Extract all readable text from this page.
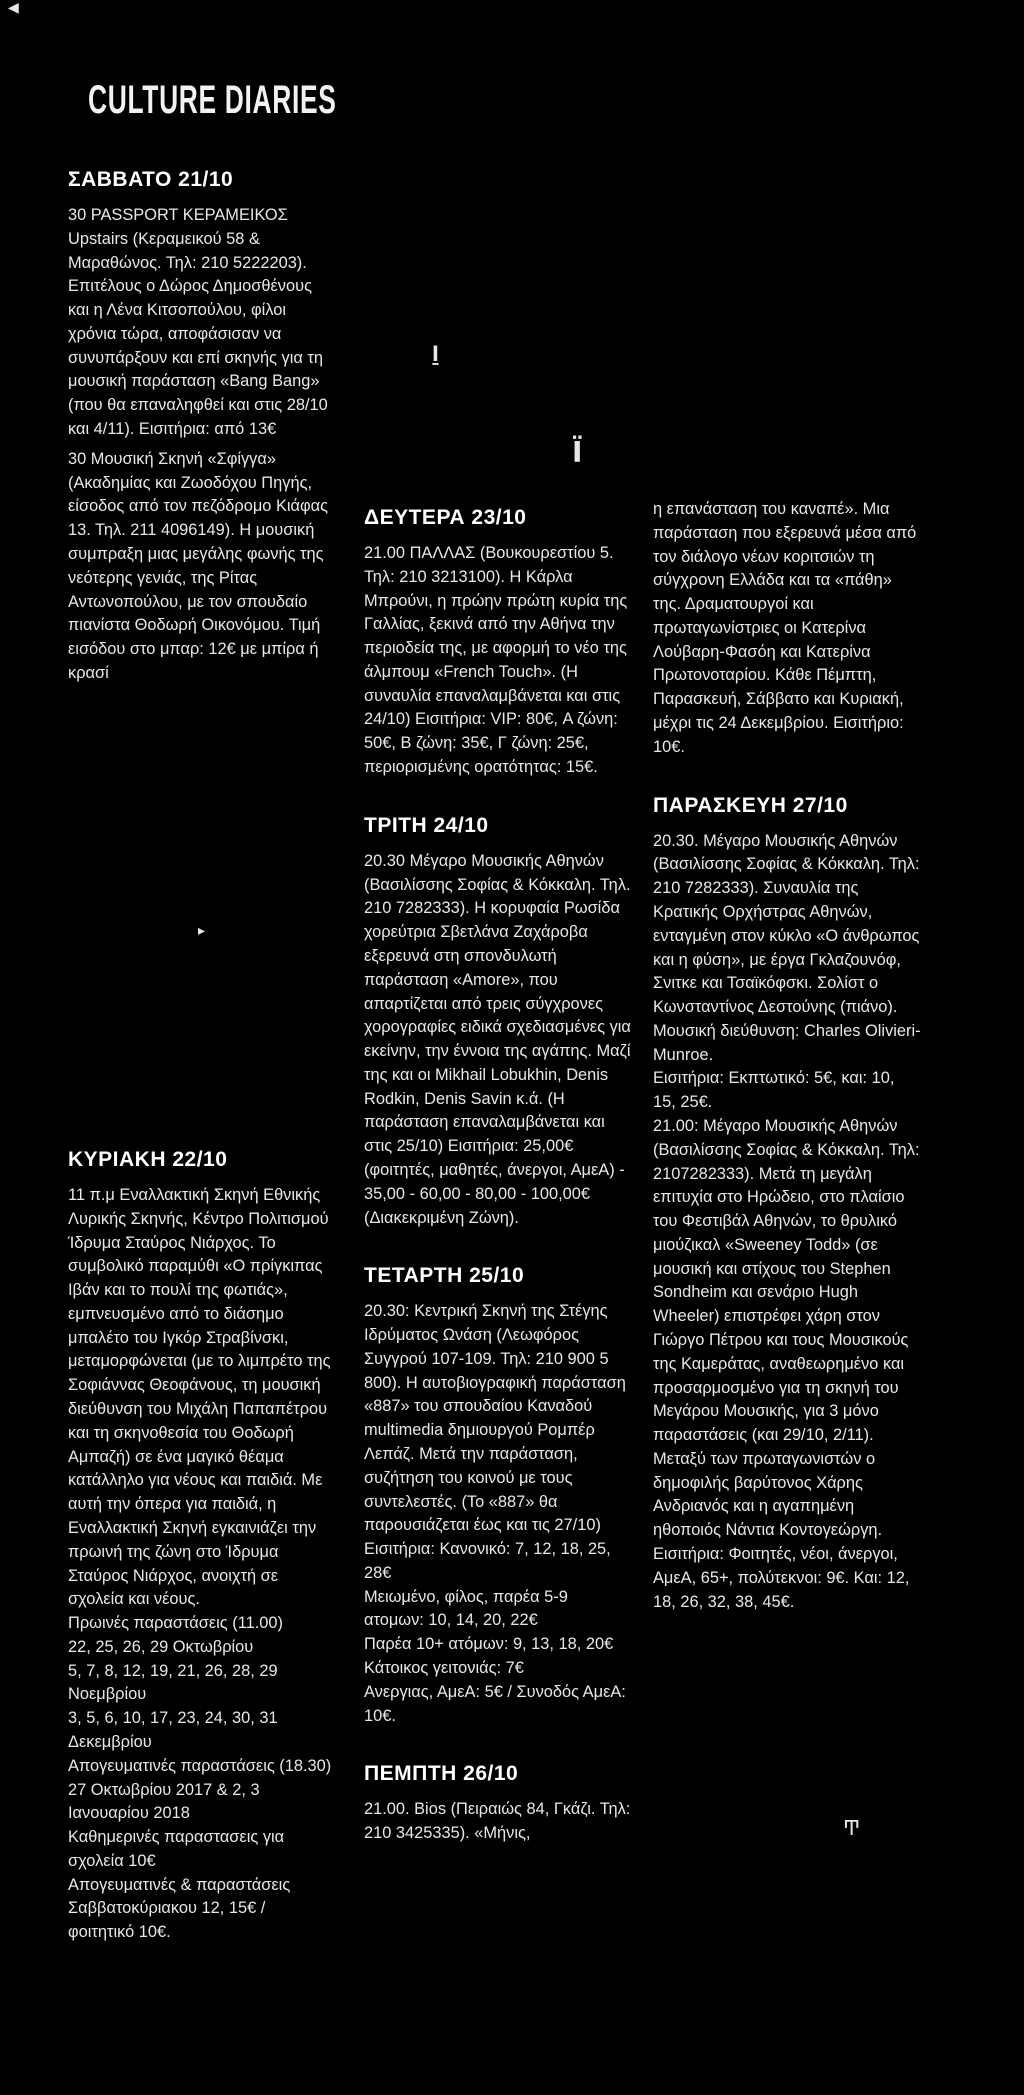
CULTURE DIARIES
◀
ḻ
Ϊ
▸
Ͳ
ΣΑΒΒΑΤΟ 21/10

30 PASSPORT ΚΕΡΑΜΕΙΚΟΣ Upstairs (Κεραμεικού 58 & Μαραθώνος. Τηλ: 210 5222203). Επιτέλους ο Δώρος Δημοσθένους και η Λένα Κιτσοπούλου, φίλοι χρόνια τώρα, αποφάσισαν να συνυπάρξουν και επί σκηνής για τη μουσική παράσταση «Bang Bang» (που θα επαναληφθεί και στις 28/10 και 4/11). Εισιτήρια: από 13€

30 Μουσική Σκηνή «Σφίγγα» (Ακαδημίας και Ζωοδόχου Πηγής, είσοδος από τον πεζόδρομο Κιάφας 13. Τηλ. 211 4096149). Η μουσική συμπραξη μιας μεγάλης φωνής της νεότερης γενιάς, της Ρίτας Αντωνοπούλου, με τον σπουδαίο πιανίστα Θοδωρή Οικονόμου. Τιμή εισόδου στο μπαρ: 12€ με μπίρα ή κρασί

ΚΥΡΙΑΚΗ 22/10

11 π.μ Εναλλακτική Σκηνή Εθνικής Λυρικής Σκηνής, Κέντρο Πολιτισμού Ίδρυμα Σταύρος Νιάρχος. Το συμβολικό παραμύθι «Ο πρίγκιπας Ιβάν και το πουλί της φωτιάς», εμπνευσμένο από το διάσημο μπαλέτο του Ιγκόρ Στραβίνσκι, μεταμορφώνεται (με το λιμπρέτο της Σοφιάννας Θεοφάνους, τη μουσική διεύθυνση του Μιχάλη Παπαπέτρου και τη σκηνοθεσία του Θοδωρή Αμπαζή) σε ένα μαγικό θέαμα κατάλληλο για νέους και παιδιά. Με αυτή την όπερα για παιδιά, η Εναλλακτική Σκηνή εγκαινιάζει την πρωινή της ζώνη στο Ίδρυμα Σταύρος Νιάρχος, ανοιχτή σε σχολεία και νέους.

Πρωινές παραστάσεις (11.00)

22, 25, 26, 29 Οκτωβρίου

5, 7, 8, 12, 19, 21, 26, 28, 29 Νοεμβρίου

3, 5, 6, 10, 17, 23, 24, 30, 31 Δεκεμβρίου

Απογευματινές παραστάσεις (18.30)

27 Οκτωβρίου 2017 & 2, 3 Ιανουαρίου 2018

Καθημερινές παραστασεις για σχολεία 10€

Απογευματινές & παραστάσεις Σαββατοκύριακου 12, 15€ / φοιτητικό 10€.

ΔΕΥΤΕΡΑ 23/10

21.00 ΠΑΛΛΑΣ (Βουκουρεστίου 5. Τηλ: 210 3213100). Η Κάρλα Μπρούνι, η πρώην πρώτη κυρία της Γαλλίας, ξεκινά από την Αθήνα την περιοδεία της, με αφορμή το νέο της άλμπουμ «French Touch». (Η συναυλία επαναλαμβάνεται και στις 24/10) Εισιτήρια: VIP: 80€, Α ζώνη: 50€, Β ζώνη: 35€, Γ ζώνη: 25€, περιορισμένης ορατότητας: 15€.

ΤΡΙΤΗ 24/10

20.30 Μέγαρο Μουσικής Αθηνών (Βασιλίσσης Σοφίας & Κόκκαλη. Τηλ. 210 7282333). Η κορυφαία Ρωσίδα χορεύτρια Σβετλάνα Ζαχάροβα εξερευνά στη σπονδυλωτή παράσταση «Amore», που απαρτίζεται από τρεις σύγχρονες χορογραφίες ειδικά σχεδιασμένες για εκείνην, την έννοια της αγάπης. Μαζί της και οι Mikhail Lobukhin, Denis Rodkin, Denis Savin κ.ά. (Η παράσταση επαναλαμβάνεται και στις 25/10) Εισιτήρια: 25,00€ (φοιτητές, μαθητές, άνεργοι, ΑμεΑ) - 35,00 - 60,00 - 80,00 - 100,00€ (Διακεκριμένη Ζώνη).

ΤΕΤΑΡΤΗ 25/10

20.30: Κεντρική Σκηνή της Στέγης Ιδρύματος Ωνάση (Λεωφόρος Συγγρού 107-109. Τηλ: 210 900 5 800). Η αυτοβιογραφική παράσταση «887» του σπουδαίου Καναδού multimedia δημιουργού Ρομπέρ Λεπάζ. Μετά την παράσταση, συζήτηση του κοινού με τους συντελεστές. (Το «887» θα παρουσιάζεται έως και τις 27/10)

Εισιτήρια: Κανονικό: 7, 12, 18, 25, 28€

Μειωμένο, φίλος, παρέα 5-9 ατομων: 10, 14, 20, 22€

Παρέα 10+ ατόμων: 9, 13, 18, 20€ Κάτοικος γειτονιάς: 7€

Ανεργιας, ΑμεΑ: 5€ / Συνοδός ΑμεΑ: 10€.

ΠΕΜΠΤΗ 26/10

21.00. Bios (Πειραιώς 84, Γκάζι. Τηλ: 210 3425335). «Μήνις,

η επανάσταση του καναπέ». Μια παράσταση που εξερευνά μέσα από τον διάλογο νέων κοριτσιών τη σύγχρονη Ελλάδα και τα «πάθη» της. Δραματουργοί και πρωταγωνίστριες οι Κατερίνα Λούβαρη-Φασόη και Κατερίνα Πρωτονοταρίου. Κάθε Πέμπτη, Παρασκευή, Σάββατο και Κυριακή, μέχρι τις 24 Δεκεμβρίου. Εισιτήριο: 10€.

ΠΑΡΑΣΚΕΥΗ 27/10

20.30. Μέγαρο Μουσικής Αθηνών (Βασιλίσσης Σοφίας & Κόκκαλη. Τηλ: 210 7282333). Συναυλία της Κρατικής Ορχήστρας Αθηνών, ενταγμένη στον κύκλο «Ο άνθρωπος και η φύση», με έργα Γκλαζουνόφ, Σνιτκε και Τσαϊκόφσκι. Σολίστ ο Κωνσταντίνος Δεστούνης (πιάνο). Μουσική διεύθυνση: Charles Olivieri-Munroe.

Εισιτήρια: Εκπτωτικό: 5€, και: 10, 15, 25€.

21.00: Μέγαρο Μουσικής Αθηνών (Βασιλίσσης Σοφίας & Κόκκαλη. Τηλ: 2107282333). Μετά τη μεγάλη επιτυχία στο Ηρώδειο, στο πλαίσιο του Φεστιβάλ Αθηνών, το θρυλικό μιούζικαλ «Sweeney Todd» (σε μουσική και στίχους του Stephen Sondheim και σενάριο Hugh Wheeler) επιστρέφει χάρη στον Γιώργο Πέτρου και τους Μουσικούς της Καμεράτας, αναθεωρημένο και προσαρμοσμένο για τη σκηνή του Μεγάρου Μουσικής, για 3 μόνο παραστάσεις (και 29/10, 2/11). Μεταξύ των πρωταγωνιστών ο δημοφιλής βαρύτονος Χάρης Ανδριανός και η αγαπημένη ηθοποιός Νάντια Κοντογεώργη.

Εισιτήρια: Φοιτητές, νέοι, άνεργοι, ΑμεΑ, 65+, πολύτεκνοι: 9€. Και: 12, 18, 26, 32, 38, 45€.
